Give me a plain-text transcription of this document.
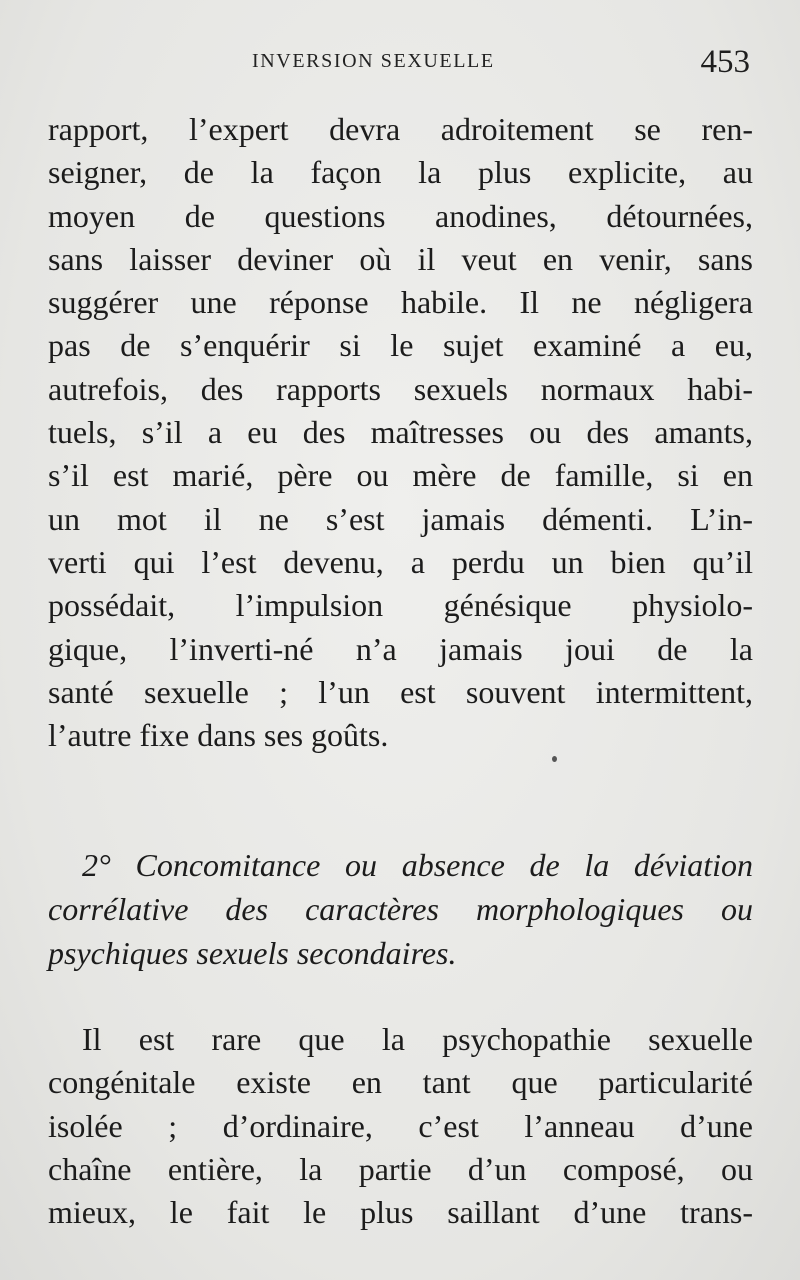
INVERSION SEXUELLE	453
rapport, l’expert devra adroitement se ren-
seigner, de la façon la plus explicite, au
moyen de questions anodines, détournées,
sans laisser deviner où il veut en venir, sans
suggérer une réponse habile. Il ne négligera
pas de s’enquérir si le sujet examiné a eu,
autrefois, des rapports sexuels normaux habi-
tuels, s’il a eu des maîtresses ou des amants,
s’il est marié, père ou mère de famille, si en
un mot il ne s’est jamais démenti. L’in-
verti qui l’est devenu, a perdu un bien qu’il
possédait, l’impulsion génésique physiolo-
gique, l’inverti-né n’a jamais joui de la
santé sexuelle ; l’un est souvent intermittent,
l’autre fixe dans ses goûts.
2° Concomitance ou absence de la déviation
corrélative des caractères morphologiques ou
psychiques sexuels secondaires.
Il est rare que la psychopathie sexuelle
congénitale existe en tant que particularité
isolée ; d’ordinaire, c’est l’anneau d’une
chaîne entière, la partie d’un composé, ou
mieux, le fait le plus saillant d’une trans-
